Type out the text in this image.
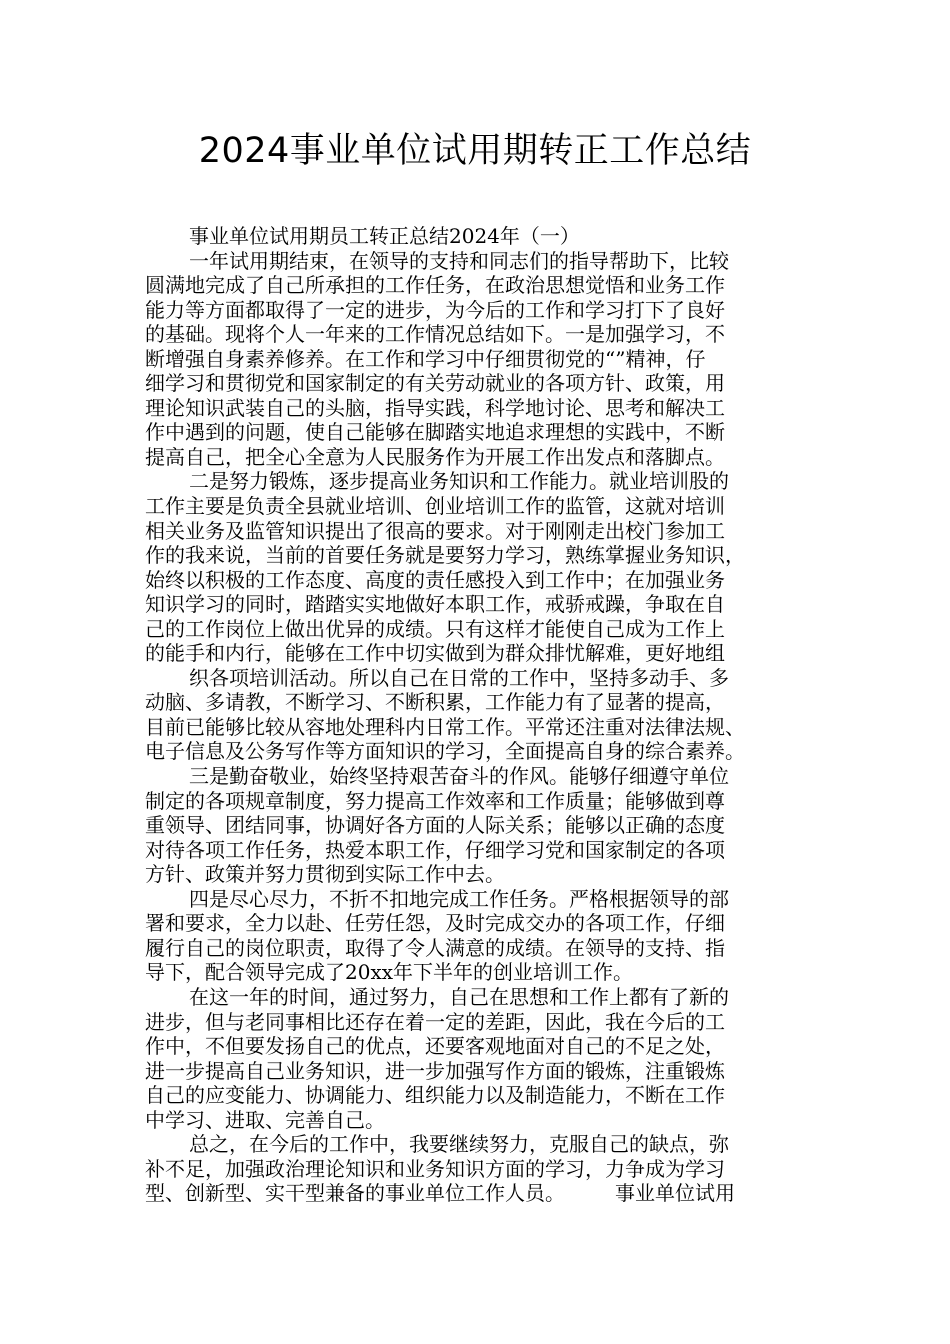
2024事业单位试用期转正工作总结
事业单位试用期员工转正总结2024年（一）
一年试用期结束，在领导的支持和同志们的指导帮助下，比较
圆满地完成了自己所承担的工作任务，在政治思想觉悟和业务工作
能力等方面都取得了一定的进步，为今后的工作和学习打下了良好
的基础。现将个人一年来的工作情况总结如下。一是加强学习，不
断增强自身素养修养。在工作和学习中仔细贯彻党的“”精神，仔
细学习和贯彻党和国家制定的有关劳动就业的各项方针、政策，用
理论知识武装自己的头脑，指导实践，科学地讨论、思考和解决工
作中遇到的问题，使自己能够在脚踏实地追求理想的实践中，不断
提高自己，把全心全意为人民服务作为开展工作出发点和落脚点。
二是努力锻炼，逐步提高业务知识和工作能力。就业培训股的
工作主要是负责全县就业培训、创业培训工作的监管，这就对培训
相关业务及监管知识提出了很高的要求。对于刚刚走出校门参加工
作的我来说，当前的首要任务就是要努力学习，熟练掌握业务知识，
始终以积极的工作态度、高度的责任感投入到工作中；在加强业务
知识学习的同时，踏踏实实地做好本职工作，戒骄戒躁，争取在自
己的工作岗位上做出优异的成绩。只有这样才能使自己成为工作上
的能手和内行，能够在工作中切实做到为群众排忧解难，更好地组
织各项培训活动。所以自己在日常的工作中，坚持多动手、多
动脑、多请教，不断学习、不断积累，工作能力有了显著的提高，
目前已能够比较从容地处理科内日常工作。平常还注重对法律法规、
电子信息及公务写作等方面知识的学习，全面提高自身的综合素养。
三是勤奋敬业，始终坚持艰苦奋斗的作风。能够仔细遵守单位
制定的各项规章制度，努力提高工作效率和工作质量；能够做到尊
重领导、团结同事，协调好各方面的人际关系；能够以正确的态度
对待各项工作任务，热爱本职工作，仔细学习党和国家制定的各项
方针、政策并努力贯彻到实际工作中去。
四是尽心尽力，不折不扣地完成工作任务。严格根据领导的部
署和要求，全力以赴、任劳任怨，及时完成交办的各项工作，仔细
履行自己的岗位职责，取得了令人满意的成绩。在领导的支持、指
导下，配合领导完成了20xx年下半年的创业培训工作。
在这一年的时间，通过努力，自己在思想和工作上都有了新的
进步，但与老同事相比还存在着一定的差距，因此，我在今后的工
作中，不但要发扬自己的优点，还要客观地面对自己的不足之处，
进一步提高自己业务知识，进一步加强写作方面的锻炼，注重锻炼
自己的应变能力、协调能力、组织能力以及制造能力，不断在工作
中学习、进取、完善自己。
总之，在今后的工作中，我要继续努力，克服自己的缺点，弥
补不足，加强政治理论知识和业务知识方面的学习，力争成为学习
型、创新型、实干型兼备的事业单位工作人员。　　　事业单位试用
